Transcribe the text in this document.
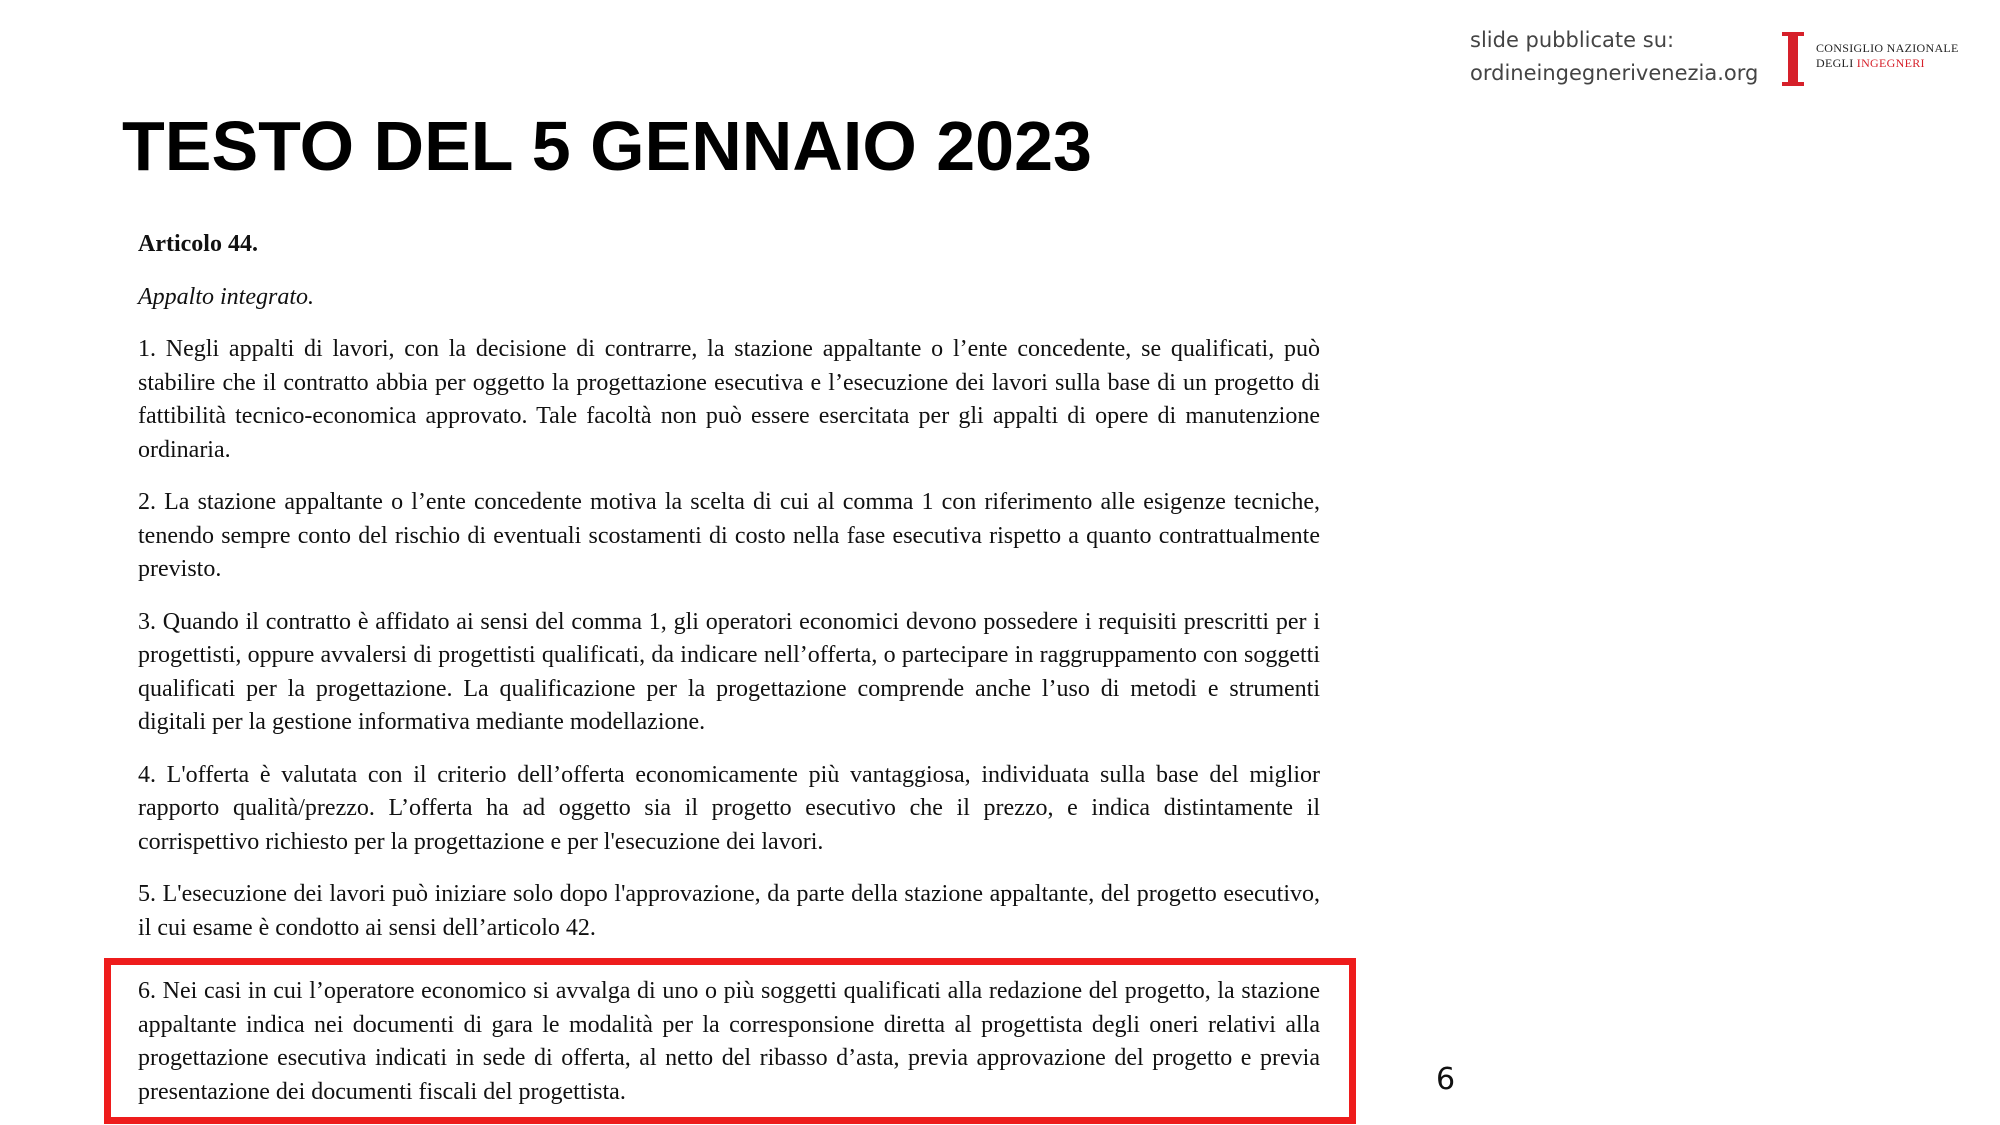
slide pubblicate su:
ordineingegnerivenezia.org
CONSIGLIO NAZIONALE
DEGLI INGEGNERI
TESTO DEL 5 GENNAIO 2023

Articolo 44.

Appalto integrato.

1. Negli appalti di lavori, con la decisione di contrarre, la stazione appaltante o l’ente concedente, se qualificati, può stabilire che il contratto abbia per oggetto la progettazione esecutiva e l’esecuzione dei lavori sulla base di un progetto di fattibilità tecnico-economica approvato. Tale facoltà non può essere esercitata per gli appalti di opere di manutenzione ordinaria.

2. La stazione appaltante o l’ente concedente motiva la scelta di cui al comma 1 con riferimento alle esigenze tecniche, tenendo sempre conto del rischio di eventuali scostamenti di costo nella fase esecutiva rispetto a quanto contrattualmente previsto.

3. Quando il contratto è affidato ai sensi del comma 1, gli operatori economici devono possedere i requisiti prescritti per i progettisti, oppure avvalersi di progettisti qualificati, da indicare nell’offerta, o partecipare in raggruppamento con soggetti qualificati per la progettazione. La qualificazione per la progettazione comprende anche l’uso di metodi e strumenti digitali per la gestione informativa mediante modellazione.

4. L'offerta è valutata con il criterio dell’offerta economicamente più vantaggiosa, individuata sulla base del miglior rapporto qualità/prezzo. L’offerta ha ad oggetto sia il progetto esecutivo che il prezzo, e indica distintamente il corrispettivo richiesto per la progettazione e per l'esecuzione dei lavori.

5. L'esecuzione dei lavori può iniziare solo dopo l'approvazione, da parte della stazione appaltante, del progetto esecutivo, il cui esame è condotto ai sensi dell’articolo 42.

6. Nei casi in cui l’operatore economico si avvalga di uno o più soggetti qualificati alla redazione del progetto, la stazione appaltante indica nei documenti di gara le modalità per la corresponsione diretta al progettista degli oneri relativi alla progettazione esecutiva indicati in sede di offerta, al netto del ribasso d’asta, previa approvazione del progetto e previa presentazione dei documenti fiscali del progettista.	6
